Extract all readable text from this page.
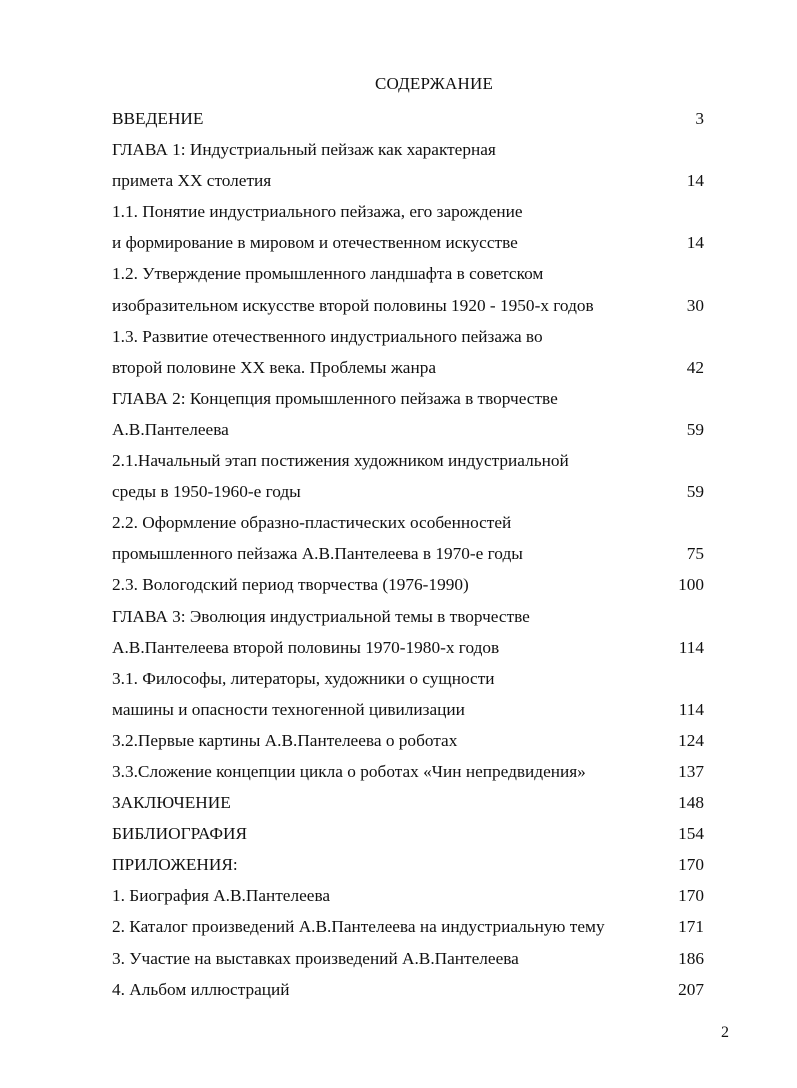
СОДЕРЖАНИЕ
ВВЕДЕНИЕ	3
ГЛАВА 1: Индустриальный пейзаж как характерная
примета XX столетия	14
1.1. Понятие индустриального пейзажа, его зарождение
и формирование в мировом и отечественном искусстве	14
1.2. Утверждение промышленного ландшафта в советском
изобразительном искусстве второй половины 1920 - 1950-х годов	30
1.3. Развитие отечественного индустриального пейзажа во
второй половине XX века. Проблемы жанра	42
ГЛАВА 2: Концепция промышленного пейзажа в творчестве
А.В.Пантелеева	59
2.1.Начальный этап постижения художником индустриальной
среды в 1950-1960-е годы	59
2.2. Оформление образно-пластических особенностей
промышленного пейзажа А.В.Пантелеева в 1970-е годы	75
2.3. Вологодский период творчества (1976-1990)	100
ГЛАВА 3: Эволюция индустриальной темы в творчестве
А.В.Пантелеева второй половины 1970-1980-х годов	114
3.1. Философы, литераторы, художники о сущности
машины и опасности техногенной цивилизации	114
3.2.Первые картины А.В.Пантелеева о роботах	124
3.3.Сложение концепции цикла о роботах «Чин непредвидения»	137
ЗАКЛЮЧЕНИЕ	148
БИБЛИОГРАФИЯ	154
ПРИЛОЖЕНИЯ:	170
1. Биография А.В.Пантелеева	170
2. Каталог произведений А.В.Пантелеева на индустриальную тему	171
3. Участие на выставках произведений А.В.Пантелеева	186
4. Альбом иллюстраций	207
2
